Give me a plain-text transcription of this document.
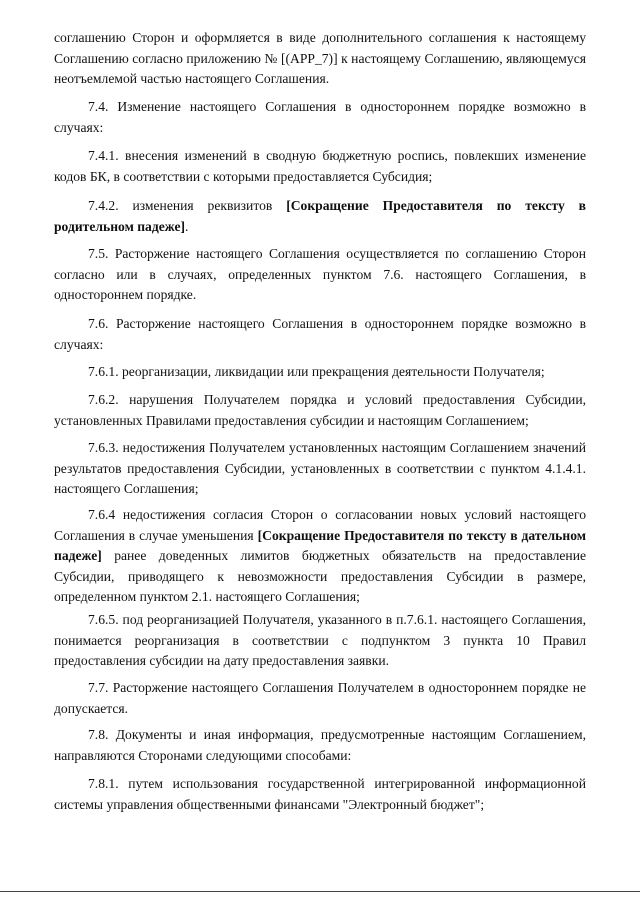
соглашению Сторон и оформляется в виде дополнительного соглашения к настоящему Соглашению согласно приложению № [(APP_7)] к настоящему Соглашению, являющемуся неотъемлемой частью настоящего Соглашения.

7.4. Изменение настоящего Соглашения в одностороннем порядке возможно в случаях:

7.4.1. внесения изменений в сводную бюджетную роспись, повлекших изменение кодов БК, в соответствии с которыми предоставляется Субсидия;

7.4.2. изменения реквизитов [Сокращение Предоставителя по тексту в родительном падеже].

7.5. Расторжение настоящего Соглашения осуществляется по соглашению Сторон согласно или в случаях, определенных пунктом 7.6. настоящего Соглашения, в одностороннем порядке.

7.6. Расторжение настоящего Соглашения в одностороннем порядке возможно в случаях:

7.6.1. реорганизации, ликвидации или прекращения деятельности Получателя;

7.6.2. нарушения Получателем порядка и условий предоставления Субсидии, установленных Правилами предоставления субсидии и настоящим Соглашением;

7.6.3. недостижения Получателем установленных настоящим Соглашением значений результатов предоставления Субсидии, установленных в соответствии с пунктом 4.1.4.1. настоящего Соглашения;

7.6.4 недостижения согласия Сторон о согласовании новых условий настоящего Соглашения в случае уменьшения [Сокращение Предоставителя по тексту в дательном падеже] ранее доведенных лимитов бюджетных обязательств на предоставление Субсидии, приводящего к невозможности предоставления Субсидии в размере, определенном пунктом 2.1. настоящего Соглашения;

7.6.5. под реорганизацией Получателя, указанного в п.7.6.1. настоящего Соглашения, понимается реорганизация в соответствии с подпунктом 3 пункта 10 Правил предоставления субсидии на дату предоставления заявки.

7.7. Расторжение настоящего Соглашения Получателем в одностороннем порядке не допускается.

7.8. Документы и иная информация, предусмотренные настоящим Соглашением, направляются Сторонами следующими способами:

7.8.1. путем использования государственной интегрированной информационной системы управления общественными финансами "Электронный бюджет";
